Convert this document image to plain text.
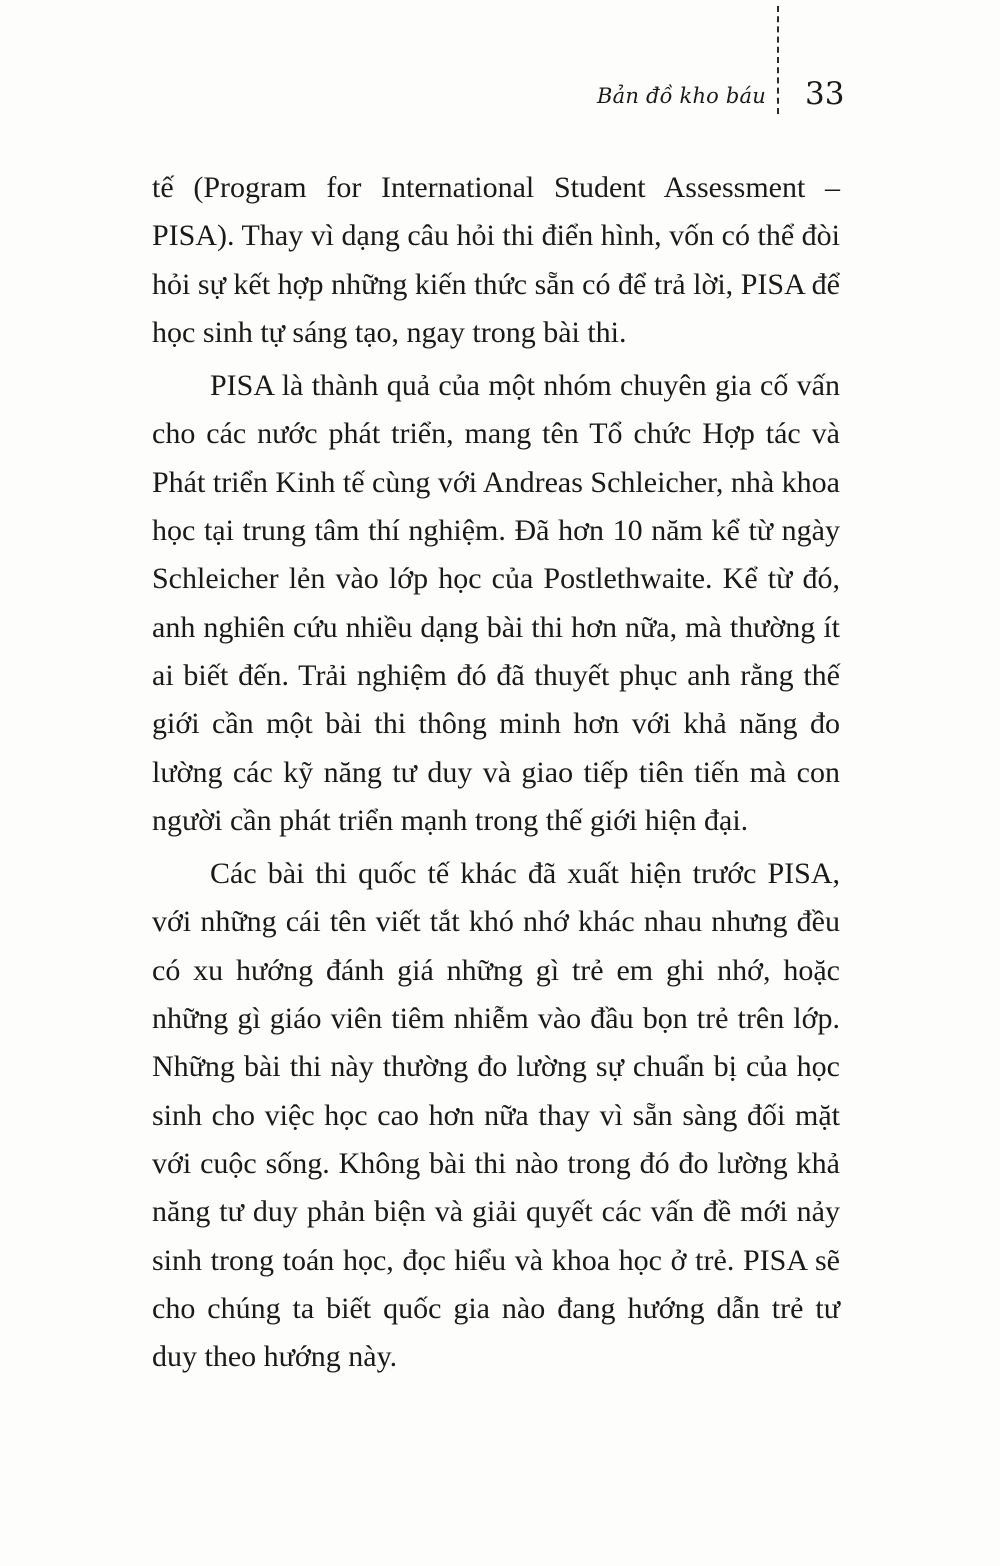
Bản đồ kho báu 33

tế (Program for International Student Assessment – PISA). Thay vì dạng câu hỏi thi điển hình, vốn có thể đòi hỏi sự kết hợp những kiến thức sẵn có để trả lời, PISA để học sinh tự sáng tạo, ngay trong bài thi.

PISA là thành quả của một nhóm chuyên gia cố vấn cho các nước phát triển, mang tên Tổ chức Hợp tác và Phát triển Kinh tế cùng với Andreas Schleicher, nhà khoa học tại trung tâm thí nghiệm. Đã hơn 10 năm kể từ ngày Schleicher lẻn vào lớp học của Postlethwaite. Kể từ đó, anh nghiên cứu nhiều dạng bài thi hơn nữa, mà thường ít ai biết đến. Trải nghiệm đó đã thuyết phục anh rằng thế giới cần một bài thi thông minh hơn với khả năng đo lường các kỹ năng tư duy và giao tiếp tiên tiến mà con người cần phát triển mạnh trong thế giới hiện đại.

Các bài thi quốc tế khác đã xuất hiện trước PISA, với những cái tên viết tắt khó nhớ khác nhau nhưng đều có xu hướng đánh giá những gì trẻ em ghi nhớ, hoặc những gì giáo viên tiêm nhiễm vào đầu bọn trẻ trên lớp. Những bài thi này thường đo lường sự chuẩn bị của học sinh cho việc học cao hơn nữa thay vì sẵn sàng đối mặt với cuộc sống. Không bài thi nào trong đó đo lường khả năng tư duy phản biện và giải quyết các vấn đề mới nảy sinh trong toán học, đọc hiểu và khoa học ở trẻ. PISA sẽ cho chúng ta biết quốc gia nào đang hướng dẫn trẻ tư duy theo hướng này.
